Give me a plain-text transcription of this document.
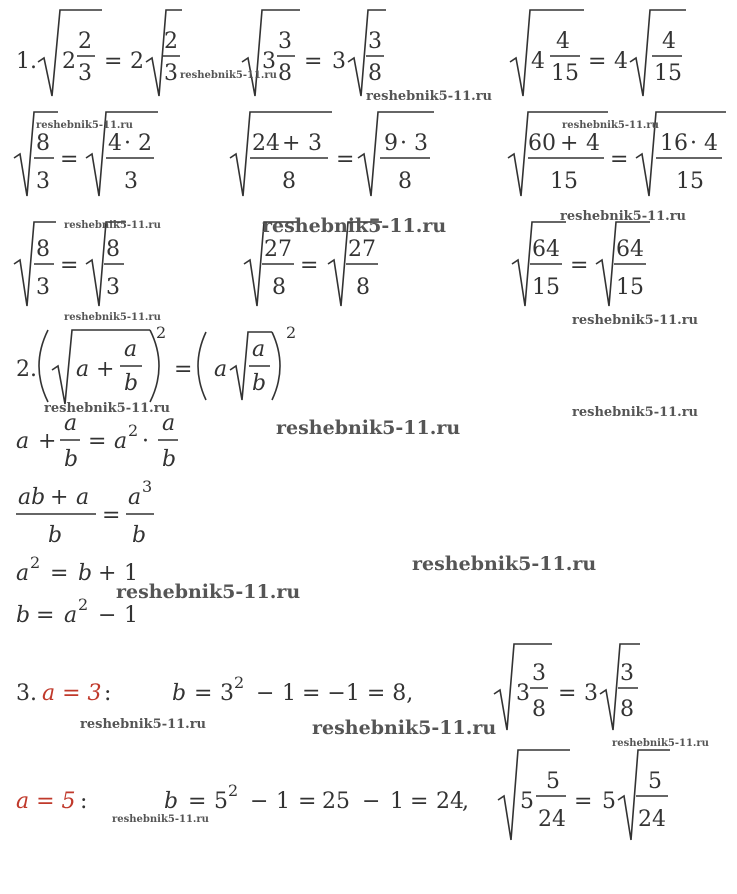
1. 2
2
3 = 2
2
3	3
3
8 = 3
3
8	4
4
15 = 4
4
15
8
3
=
4 · 2
3
24 + 3
8
=
9 · 3
8
60 + 4
15
=
16 · 4
15
8
3
=
8
3
27
8
=
27
8
64
15
=
64
15
2. a +
a
b
2
= a
a
b
2
a +
a
b
= a 2 ·
a
b
ab + a
b
=
a 3
b
a 2 = b + 1
b = a 2 − 1
3. a = 3 :	b = 3 2 − 1 = −1 = 8,	3
3
8
= 3
3
8
a = 5 :	b = 5 2 − 1 = 25 − 1 = 24
, 5
5
24
= 5
5
24
reshebnik5-11.ru
reshebnik5-11.ru
reshebnik5-11.ru	reshebnik5-11.ru
reshebnik5-11.ru	reshebnik5-11.ru	reshebnik5-11.ru
reshebnik5-11.ru	reshebnik5-11.ru
reshebnik5-11.ru	reshebnik5-11.ru
reshebnik5-11.ru
reshebnik5-11.ru
reshebnik5-11.ru
reshebnik5-11.ru	reshebnik5-11.ru
reshebnik5-11.ru
reshebnik5-11.ru
